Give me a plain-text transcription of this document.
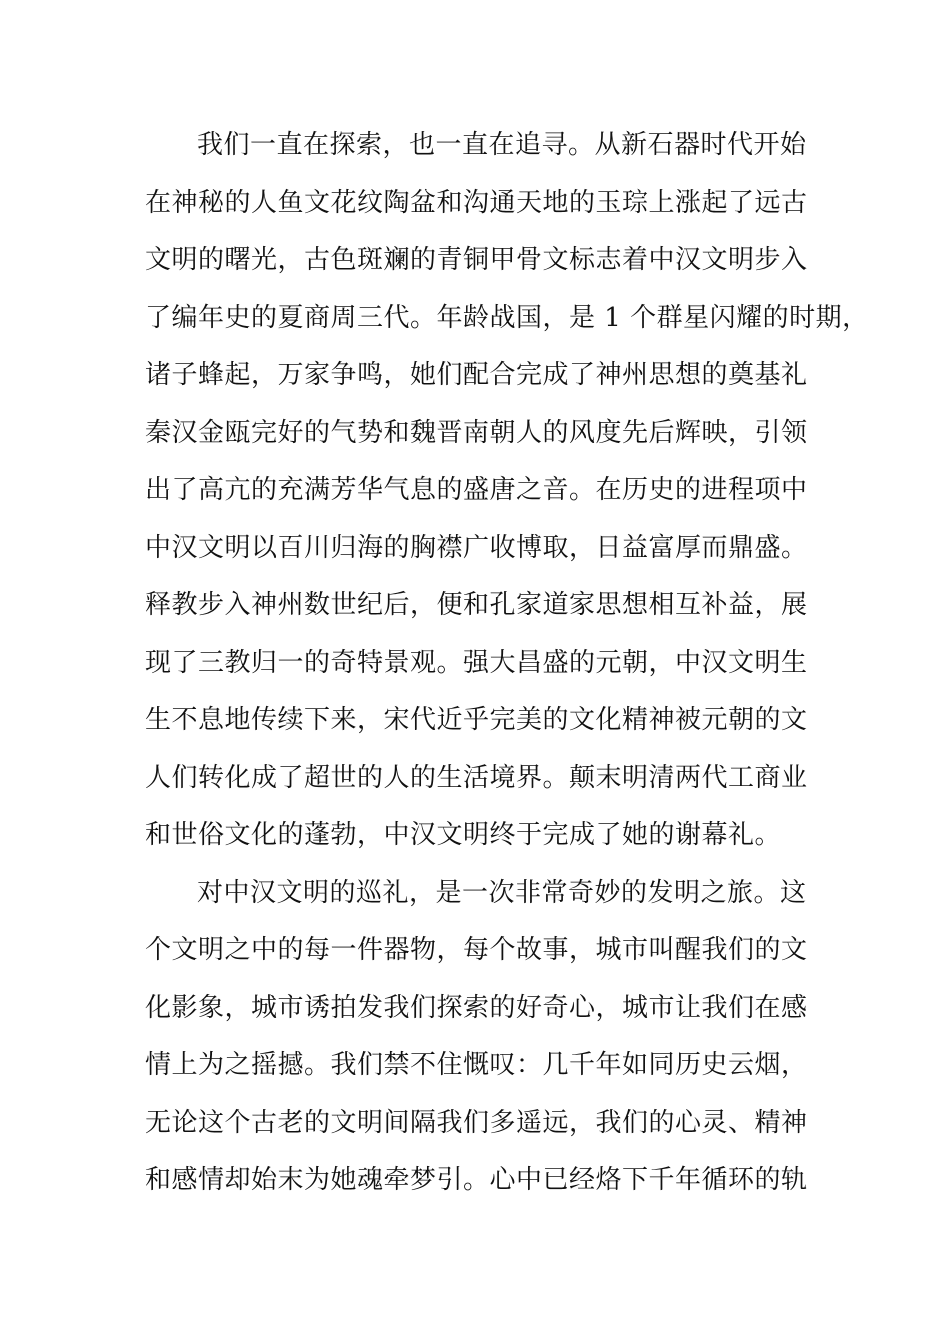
我们一直在探索，也一直在追寻。从新石器时代开始
在神秘的人鱼文花纹陶盆和沟通天地的玉琮上涨起了远古
文明的曙光，古色斑斓的青铜甲骨文标志着中汉文明步入
了编年史的夏商周三代。年龄战国，是 1 个群星闪耀的时期，
诸子蜂起，万家争鸣，她们配合完成了神州思想的奠基礼
秦汉金瓯完好的气势和魏晋南朝人的风度先后辉映，引领
出了高亢的充满芳华气息的盛唐之音。在历史的进程项中
中汉文明以百川归海的胸襟广收博取，日益富厚而鼎盛。
释教步入神州数世纪后，便和孔家道家思想相互补益，展
现了三教归一的奇特景观。强大昌盛的元朝，中汉文明生
生不息地传续下来，宋代近乎完美的文化精神被元朝的文
人们转化成了超世的人的生活境界。颠末明清两代工商业
和世俗文化的蓬勃，中汉文明终于完成了她的谢幕礼。
对中汉文明的巡礼，是一次非常奇妙的发明之旅。这
个文明之中的每一件器物，每个故事，城市叫醒我们的文
化影象，城市诱拍发我们探索的好奇心，城市让我们在感
情上为之摇撼。我们禁不住慨叹：几千年如同历史云烟，
无论这个古老的文明间隔我们多遥远，我们的心灵、精神
和感情却始末为她魂牵梦引。心中已经烙下千年循环的轨
